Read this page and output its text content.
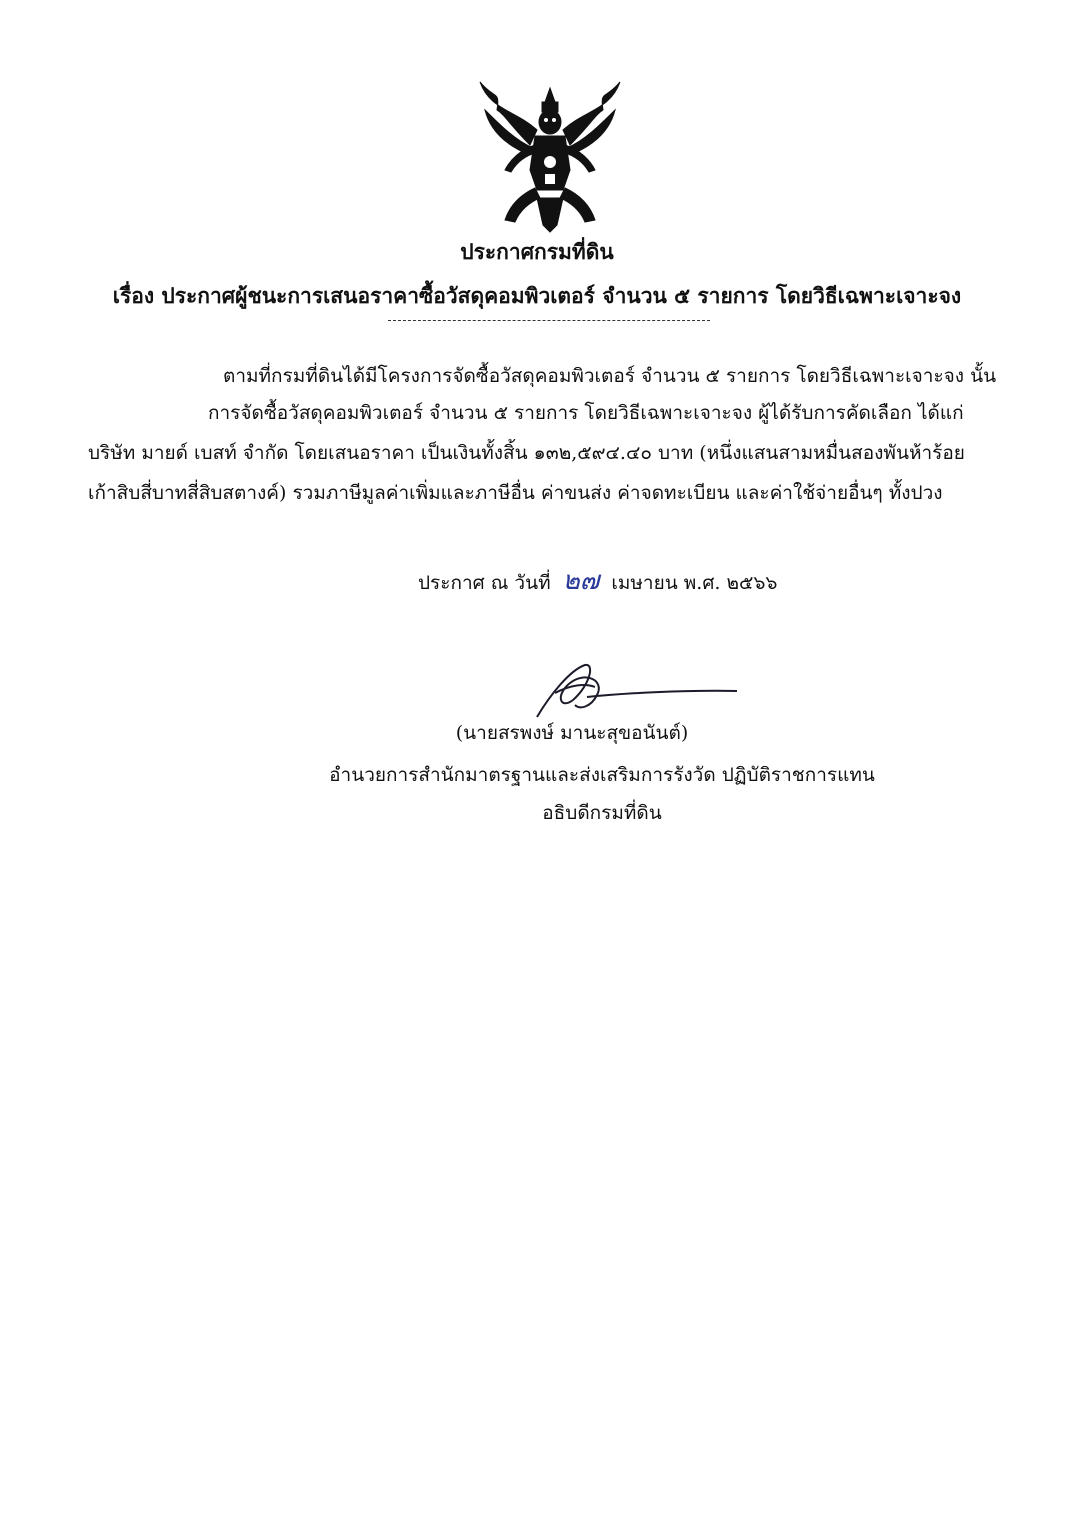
ประกาศกรมที่ดิน
เรื่อง ประกาศผู้ชนะการเสนอราคาซื้อวัสดุคอมพิวเตอร์ จำนวน ๕ รายการ โดยวิธีเฉพาะเจาะจง
ตามที่กรมที่ดินได้มีโครงการจัดซื้อวัสดุคอมพิวเตอร์ จำนวน ๕ รายการ โดยวิธีเฉพาะเจาะจง นั้น
การจัดซื้อวัสดุคอมพิวเตอร์ จำนวน ๕ รายการ โดยวิธีเฉพาะเจาะจง ผู้ได้รับการคัดเลือก ได้แก่
บริษัท มายด์ เบสท์ จำกัด โดยเสนอราคา เป็นเงินทั้งสิ้น ๑๓๒,๕๙๔.๔๐ บาท (หนึ่งแสนสามหมื่นสองพันห้าร้อย
เก้าสิบสี่บาทสี่สิบสตางค์) รวมภาษีมูลค่าเพิ่มและภาษีอื่น ค่าขนส่ง ค่าจดทะเบียน และค่าใช้จ่ายอื่นๆ ทั้งปวง
ประกาศ ณ วันที่ ๒๗ เมษายน พ.ศ. ๒๕๖๖
(นายสรพงษ์ มานะสุขอนันต์)
อำนวยการสำนักมาตรฐานและส่งเสริมการรังวัด ปฏิบัติราชการแทน
อธิบดีกรมที่ดิน
